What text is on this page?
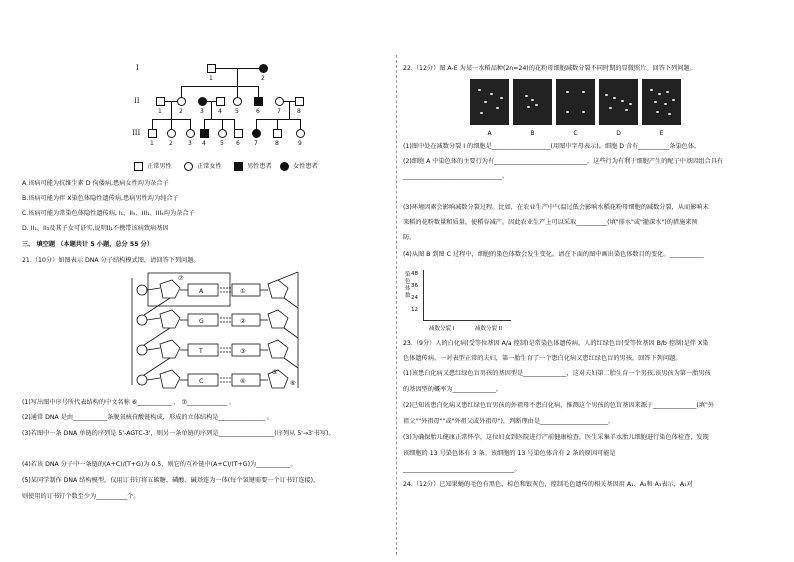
I
II
III
1	2
1	2	3 4 5	6	7	8
1	2	3 4 5 6 7	8	9
正常男性	正常女性	男性患者	女性患者
A.该病可能为抗维生素 D 佝偻病,患病女性均为杂合子
B.该病可能为伴 X染色体隐性遗传病,患病男性均为纯合子
C.该病可能为常染色体隐性遗传病, I₁、II₅、III₁、III₄均为杂合子
D. II₁、II₃及其子女可证实,说明II₁不携带该病致病基因
三、 填空题 （本题共计 5 小题，总分 55 分）
21.（10分）如图表示 DNA 分子结构模式图，请回答下列问题。
A
G
T
C
①
②
③
④
⑦
⑤
⑥
(1)写出图中序号所代表结构的中文名称 ⑥___________ 、 ⑦_____________ 。
(2)通常 DNA 是由___________条脱氧核苷酸链构成，形成的立体结构是_______________ 。
(3)若图中一条 DNA 单链的序列是 5'-AGTC-3'，则另一条单链的序列是__________________(序列从 5'→3'书写)。
(4)若该 DNA 分子中一条链的(A+C)/(T+G)为 0.5，则它的互补链中(A+C)/(T+G)为___________。
(5)某同学制作 DNA 结构模型，仅用订书钉将五碳糖、磷酸、碱基连为一体(每个氢键需要一个订书钉连接)，
则使用的订书钉个数至少为__________个。
22.（12分）图 A-E 为某一水稻品种(2n=24)的花粉母细胞减数分裂不同时期的显微照片。回答下列问题。
A	B	C	D	E
(1)图中处在减数分裂 I 的细胞是___________________(用图中字母表示)。细胞 D 含有__________条染色体。
(2)细胞 A 中染色体的主要行为有______________________________，这些行为有利于细胞产生的配子中基因组合具有
________________________________。
(3)环境因素会影响减数分裂过程。比如，在农业生产中气温过低会影响水稻花粉母细胞的减数分裂，从而影响未
来稻的花粉数量和质量，使稻谷减产。因此农业生产上可以采取__________(填"排水"或"灌深水")的措施来预
防。
(4)从图 B 到图 C 过程中，细胞的染色体数会发生变化。请在下面的图中画出染色体数目的变化。___________
染色体数
48
36
24
12
减数分裂 I	减数分裂 II
23.（9分）人的白化病(受等位基因 A/a 控制)是常染色体遗传病，人的红绿色盲(受等位基因 B/b 控制)是伴 X染
色体遗传病。一对表型正常的夫妇，第一胎生育了一个患白化病又患红绿色盲的男孩。回答下列问题。
(1)该患白化病又患红绿色盲男孩的基因型是______________，这对夫妇第二胎生育一个男孩,该男孩为第一胎男孩
的基因型的概率为______________。
(2)已知该患白化病又患红绿色盲男孩的外祖母不患白化病，推测这个男孩的色盲基因来源于______________(填"外
祖父""外祖母""或"外祖父或外祖母")，判断理由是______________________。
(3)为确保胎儿健康正常怀孕，这位妇女到医院进行产前健康检查，医生采集羊水胎儿细胞进行染色体检查，发现
该细胞的 13 号染色体有 3 条。该细胞的 13 号染色体含有 2 条的原因可能是
____________________________________。
24.（12分）已知果蝇的毛色有黑色、棕色和银灰色，控制毛色遗传的相关基因用 A₁、A₂和 A₃表示，A₁对
